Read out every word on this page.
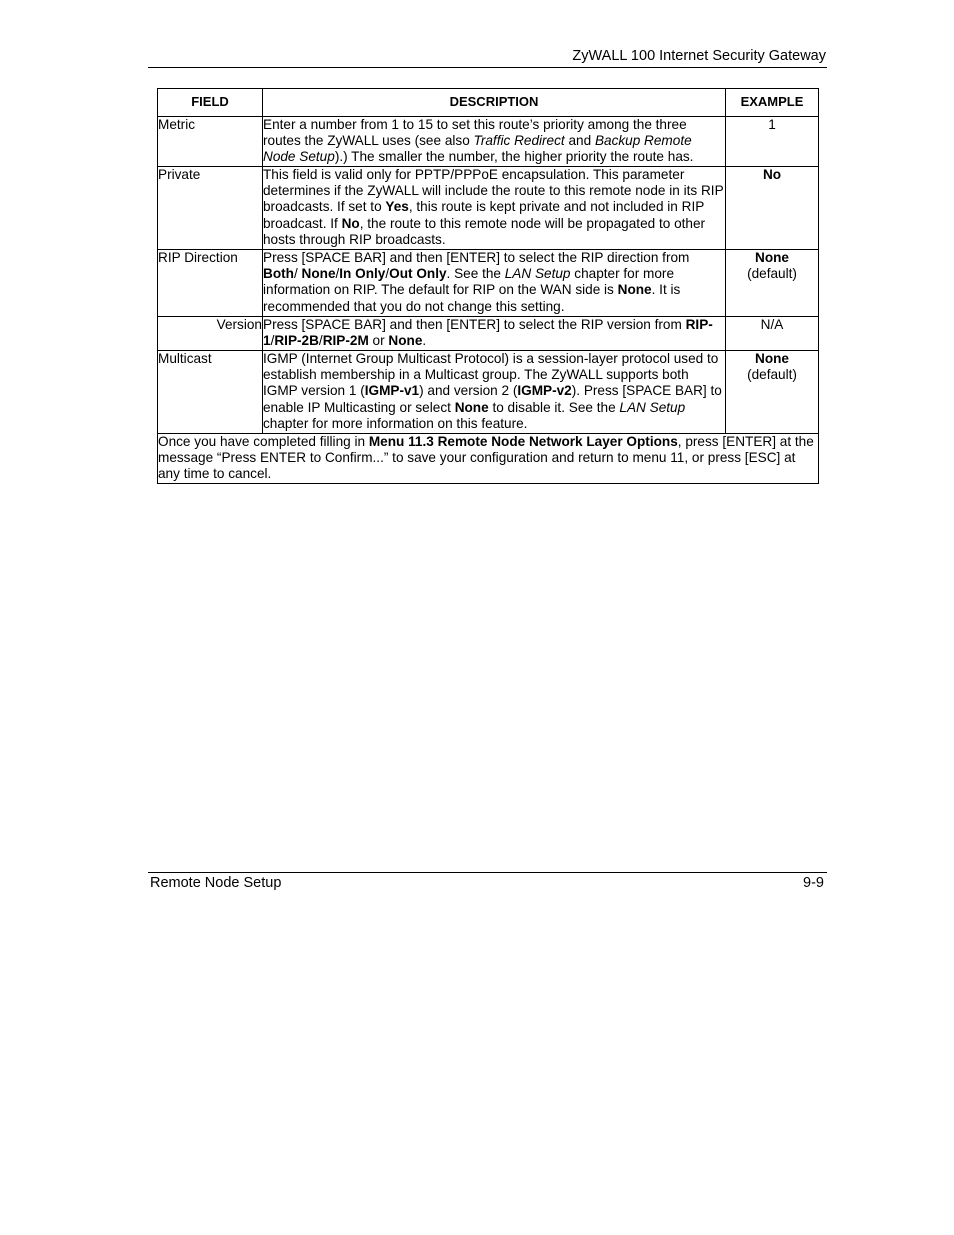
ZyWALL 100 Internet Security Gateway
FIELD	DESCRIPTION	EXAMPLE
Metric	Enter a number from 1 to 15 to set this route’s priority among the three routes the ZyWALL uses (see also Traffic Redirect and Backup Remote Node Setup).) The smaller the number, the higher priority the route has.	1
Private	This field is valid only for PPTP/PPPoE encapsulation. This parameter determines if the ZyWALL will include the route to this remote node in its RIP broadcasts. If set to Yes, this route is kept private and not included in RIP broadcast. If No, the route to this remote node will be propagated to other hosts through RIP broadcasts.	No
RIP Direction	Press [SPACE BAR] and then [ENTER] to select the RIP direction from Both/ None/In Only/Out Only. See the LAN Setup chapter for more information on RIP. The default for RIP on the WAN side is None. It is recommended that you do not change this setting.	None
(default)
Version	Press [SPACE BAR] and then [ENTER] to select the RIP version from RIP-1/RIP-2B/RIP-2M or None.	N/A
Multicast	IGMP (Internet Group Multicast Protocol) is a session-layer protocol used to establish membership in a Multicast group. The ZyWALL supports both IGMP version 1 (IGMP-v1) and version 2 (IGMP-v2). Press [SPACE BAR] to enable IP Multicasting or select None to disable it. See the LAN Setup chapter for more information on this feature.	None
(default)
Once you have completed filling in Menu 11.3 Remote Node Network Layer Options, press [ENTER] at the message “Press ENTER to Confirm...” to save your configuration and return to menu 11, or press [ESC] at any time to cancel.		
Remote Node Setup	9-9
